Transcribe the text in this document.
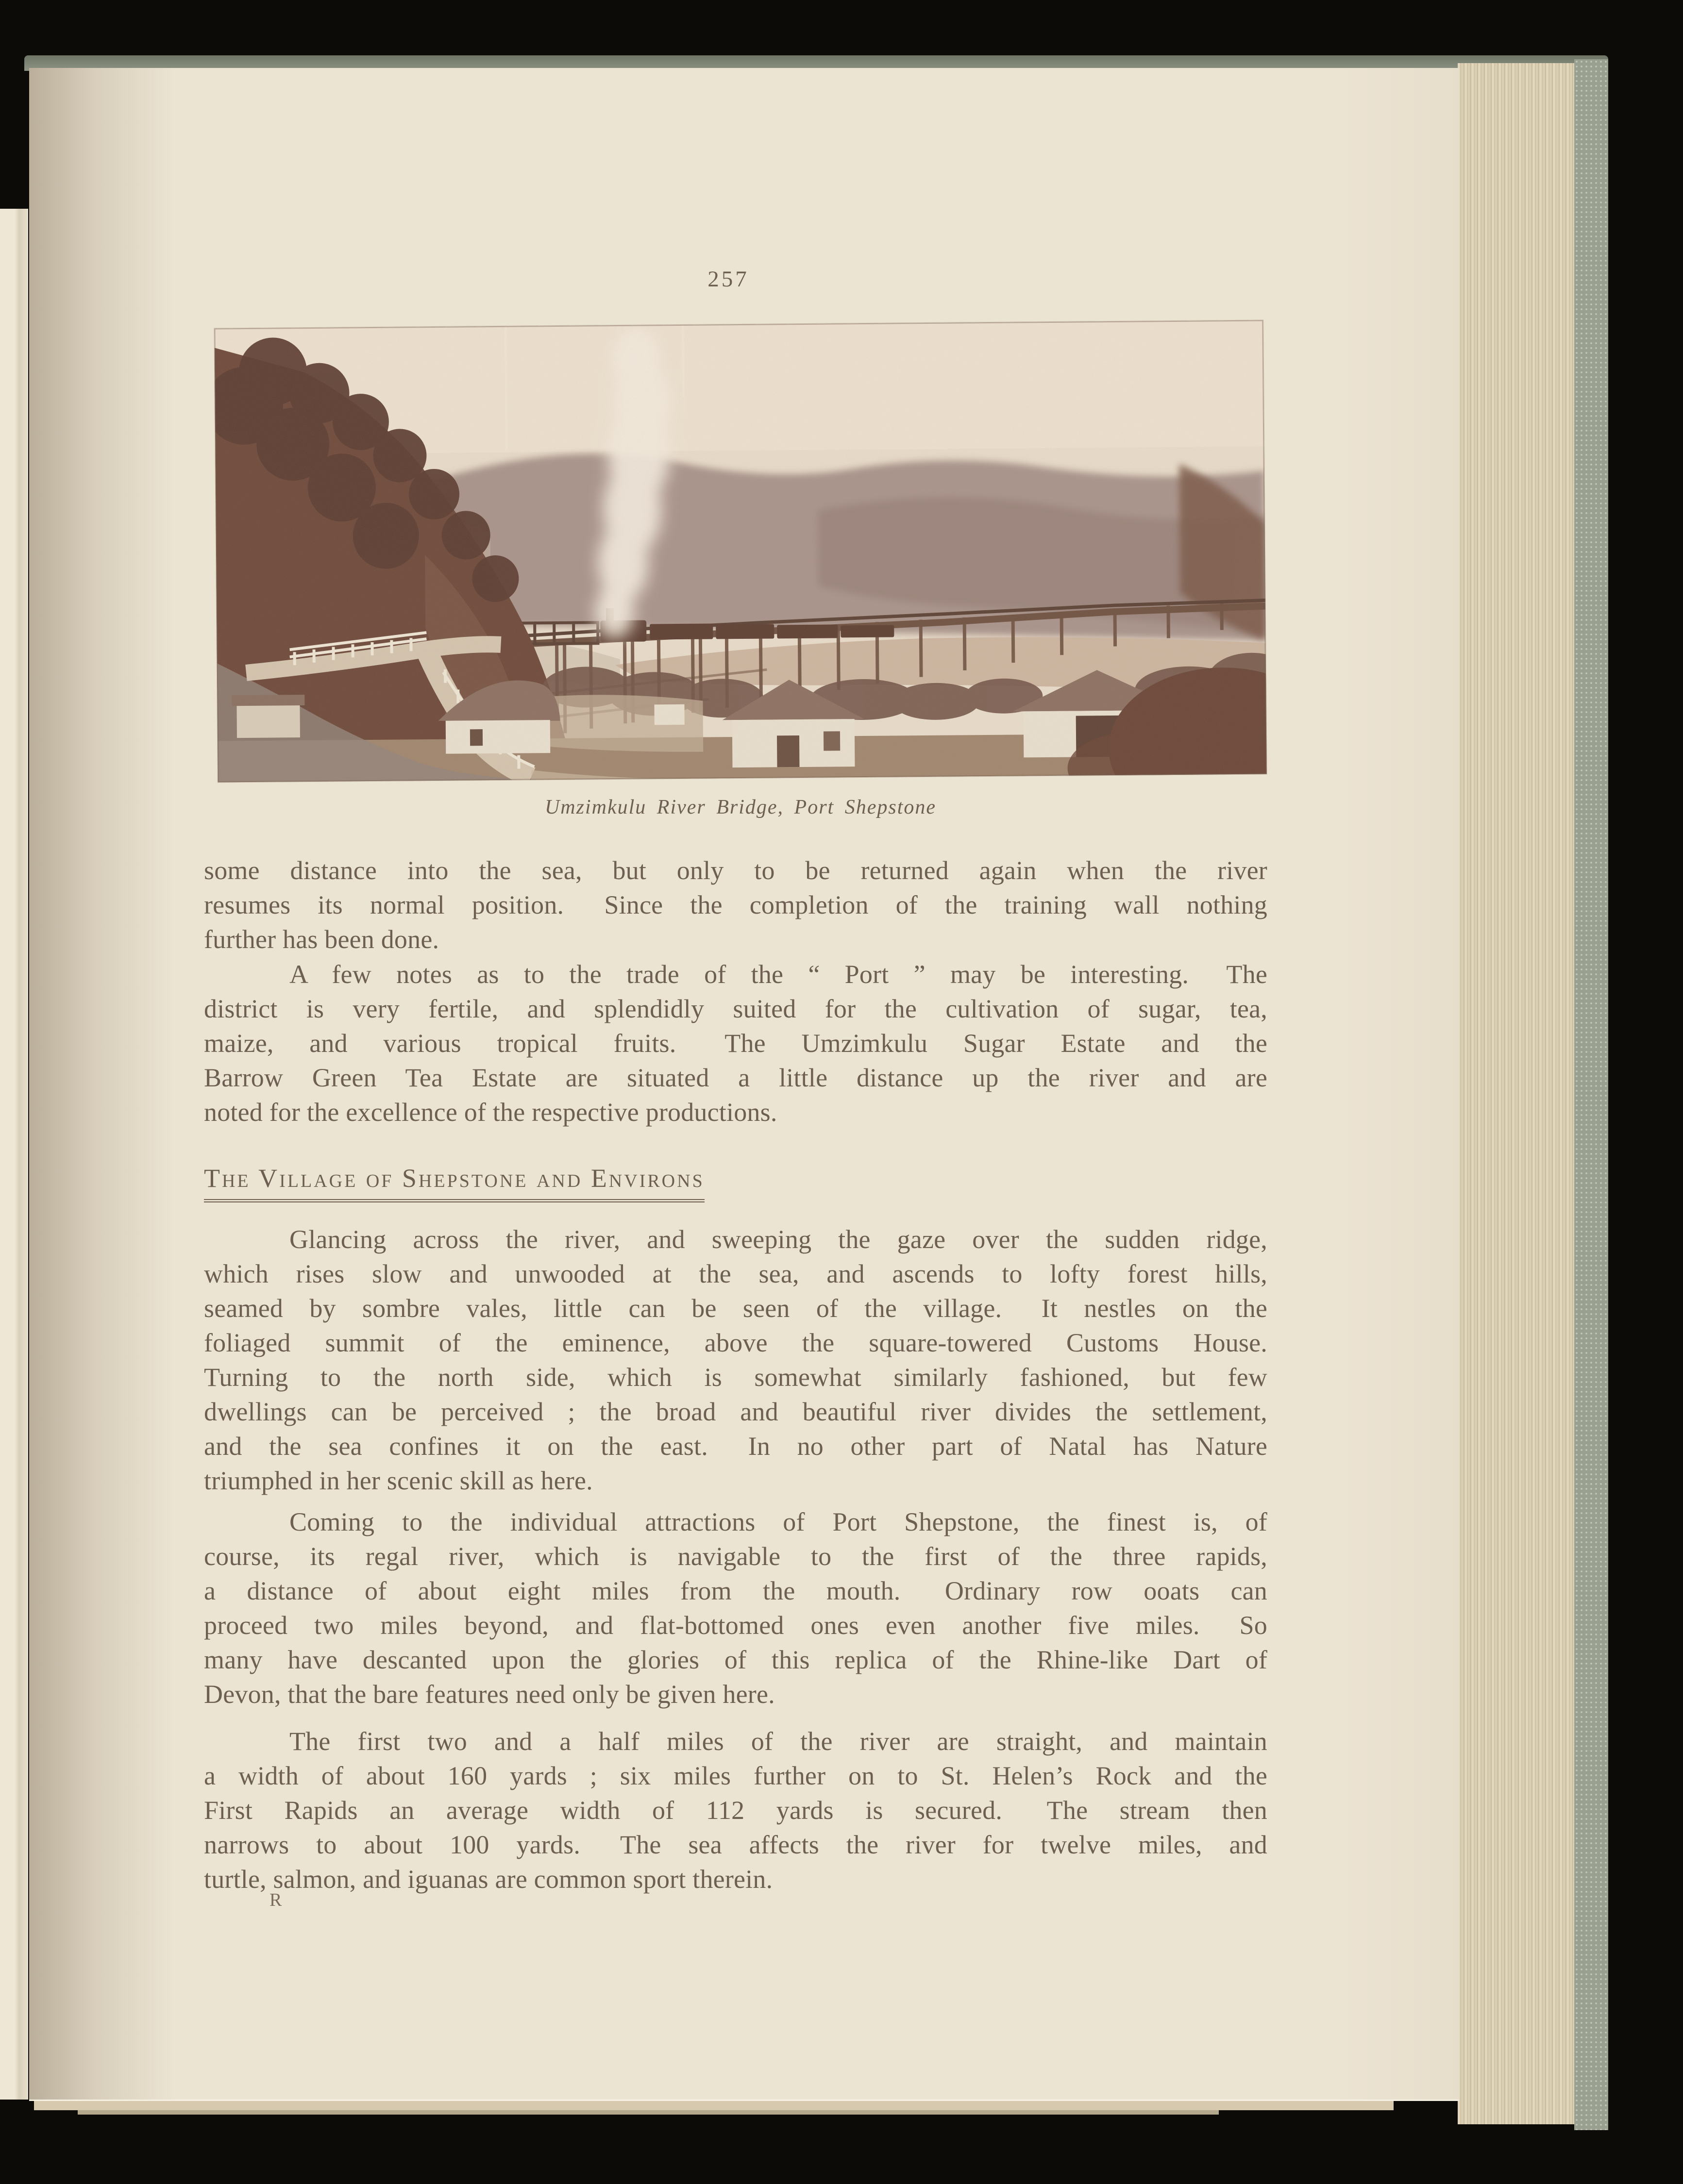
257
Umzimkulu River Bridge, Port Shepstone
some distance into the sea, but only to be returned again when the river
resumes its normal position.  Since the completion of the training wall nothing
further has been done.
A few notes as to the trade of the “ Port ” may be interesting.  The
district is very fertile, and splendidly suited for the cultivation of sugar, tea,
maize, and various tropical fruits.  The Umzimkulu Sugar Estate and the
Barrow Green Tea Estate are situated a little distance up the river and are
noted for the excellence of the respective productions.
The Village of Shepstone and Environs
Glancing across the river, and sweeping the gaze over the sudden ridge,
which rises slow and unwooded at the sea, and ascends to lofty forest hills,
seamed by sombre vales, little can be seen of the village.  It nestles on the
foliaged summit of the eminence, above the square-towered Customs House.
Turning to the north side, which is somewhat similarly fashioned, but few
dwellings can be perceived ; the broad and beautiful river divides the settlement,
and the sea confines it on the east.  In no other part of Natal has Nature
triumphed in her scenic skill as here.
Coming to the individual attractions of Port Shepstone, the finest is, of
course, its regal river, which is navigable to the first of the three rapids,
a distance of about eight miles from the mouth.  Ordinary row ooats can
proceed two miles beyond, and flat-bottomed ones even another five miles.  So
many have descanted upon the glories of this replica of the Rhine-like Dart of
Devon, that the bare features need only be given here.
The first two and a half miles of the river are straight, and maintain
a width of about 160 yards ; six miles further on to St. Helen’s Rock and the
First Rapids an average width of 112 yards is secured.  The stream then
narrows to about 100 yards.  The sea affects the river for twelve miles, and
turtle, salmon, and iguanas are common sport therein.
R
